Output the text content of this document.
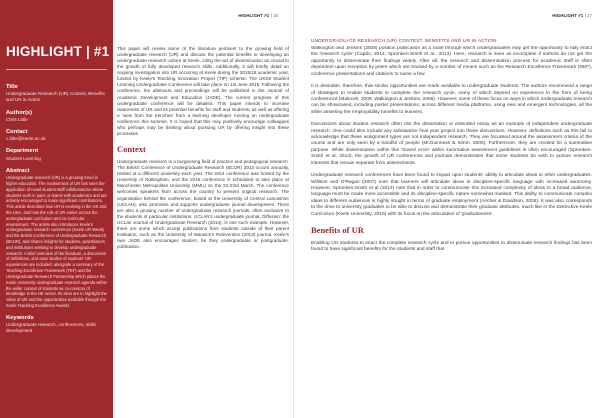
HIGHLIGHT #1 | 16
HIGHLIGHT | #1
Title
Undergraduate Research (UR) Context, Benefits and UR in Action
Author(s)
Chris Little
Contact
c.little@keele.ac.uk
Department
Student Learning
Abstract
Undergraduate research (UR) is a growing trend in higher education. The involvement of UR has seen the application of novel student-staff collaborations where students work in pairs or teams with academics and are actively encouraged to make significant contributions. This article describes how UR is evolving in the UK and the USA, and how the role of UR varies across the undergraduate curriculum and co-curricular environment. The article also introduces Keele's undergraduate research conference (Keele UR Week) and the British Conference of Undergraduate Research (BCUR), and shares insights for students, practitioners and institutions seeking to develop undergraduate research. A brief overview of the literature, a discussion of definitions, and case studies of students' UR experiences are included, alongside a summary of the Teaching Excellence Framework (TEF) and the Undergraduate Research Partnership which places the Keele University undergraduate research agenda within the wider context of students as co-creators of knowledge in the HE sector. Its aims are to highlight the value of UR and the opportunities available through the Keele Teaching Excellence Awards.
Keywords
Undergraduate research, conferences, skills development

This paper will review some of the literature pertinent to the growing field of undergraduate research (UR) and discuss the potential benefits to developing an undergraduate research culture at Keele, citing the act of dissemination as crucial to the growth of fully developed research skills. Additionally, it will briefly detail an ongoing investigation into UR occurring at Keele during the 2015/16 academic year, funded by Keele's Teaching Innovation Project (TIP) scheme. The UKS8 Student Learning Undergraduate Conference will take place on 1st June 2016. Following the conference, the abstracts and proceedings will be published in the Journal of Academic Development and Education (JADE). The current progress of this undergraduate conference will be detailed. This paper intends to increase awareness of UR and its potential benefits for staff and students, as well as offering a 'view from the trenches' from a learning developer running an undergraduate conference this summer. It is hoped that this may positively encourage colleagues who perhaps may be thinking about pursuing UR by offering insight into these processes.

Context

Undergraduate research is a burgeoning field of practice and pedagogical research. The British Conference of Undergraduate Research (BCUR) 2013 occurs annually, hosted at a different university each year. The 2014 conference was hosted by the University of Nottingham, and the 2016 conference is scheduled to take place at Manchester Metropolitan University (MMU) on the 22-23rd March. The conference welcomes speakers from across the country to present original research. The organisation behind the conference, based at the University of Central Lancashire (UCLAN), also promotes and supports undergraduate journal development. There are also a growing number of undergraduate research journals, often exclusive to the students of particular institutions. UCLAN's undergraduate journal, Diffusion: the UCLan Journal of Undergraduate Research (2014), is one such example. However, there are some which accept publications from students outside of their parent institution, such as the University of Warwick's Reinvention (2013) journal. Keele's own JADE also encourages student, be they undergraduate or postgraduate, publication.

HIGHLIGHT #1 | 17
UNDERGRADUATE RESEARCH (UR) CONTEXT, BENEFITS AND UR IN ACTION

Walkington and Jenkins (2008) position publication as a route through which undergraduates may get the opportunity to fully enact the 'research cycle' (Capdo, 2014; Spronken-Smith et al., 2013). Here, research is seen as incomplete if authors do not get the opportunity to disseminate their findings widely. After all, the research and dissemination process for academic staff is often dependent upon reception by peers which are tracked by a number of means such as the Research Excellence Framework (REF), conference presentations and citations to name a few.

It is desirable, therefore, that similar opportunities are made available to undergraduate students. The authors recommend a range of strategies to enable students to complete the research cycle, many of which depend on experience in the form of being conferenced (Malecek, 2009; Walkington & Jenkins, 2008). However, some of these focus on ways in which undergraduate research can be showcased, including poster presentations, across different media platforms, using new and emergent technologies, all the while asserting the employability benefits to learners.

Discussions about student research often cite the dissertation or extended essay as an example of independent undergraduate research. One could also include any substantive final year project into these discussions. However, definitions such as this fail to acknowledge that these assignment types are not independent research. They are focussed around the assessment criteria of the course and are only seen by a handful of people (McGuinness & Simm, 2005). Furthermore, they are created for a summative purpose. While dissemination within this 'closed circle' within summative assessment guidelines is often encouraged (Spronken-Smith et al, 2013), the growth of UR conferences and journals demonstrates that some students do wish to pursue research interests that remain separate from assessments.

Undergraduate research conferences have been found to impact upon students' ability to articulate ideas to other undergraduates. Willison and O'Regan (2007) note that learners will articulate ideas in discipline-specific language with increased autonomy. However, Spronken-Smith et al (2013) note that in order to communicate this increased complexity of ideas to a broad audience, language must be made more accessible and its discipline-specific nature somewhat masked. This ability to communicate complex ideas to different audiences is highly sought in terms of graduate employment (Ancher & Davidson, 2008). It was also corresponds to the drive to university graduates to be able to discuss and demonstrate their graduate attributes, much like in the Distinctive Keele Curriculum (Keele University, 2016) with its focus on the articulation of 'graduateness'.

Benefits of UR

Enabling UG students to enact the complete research cycle and to pursue opportunities to disseminate research findings has been found to have significant benefits for the students and staff that
